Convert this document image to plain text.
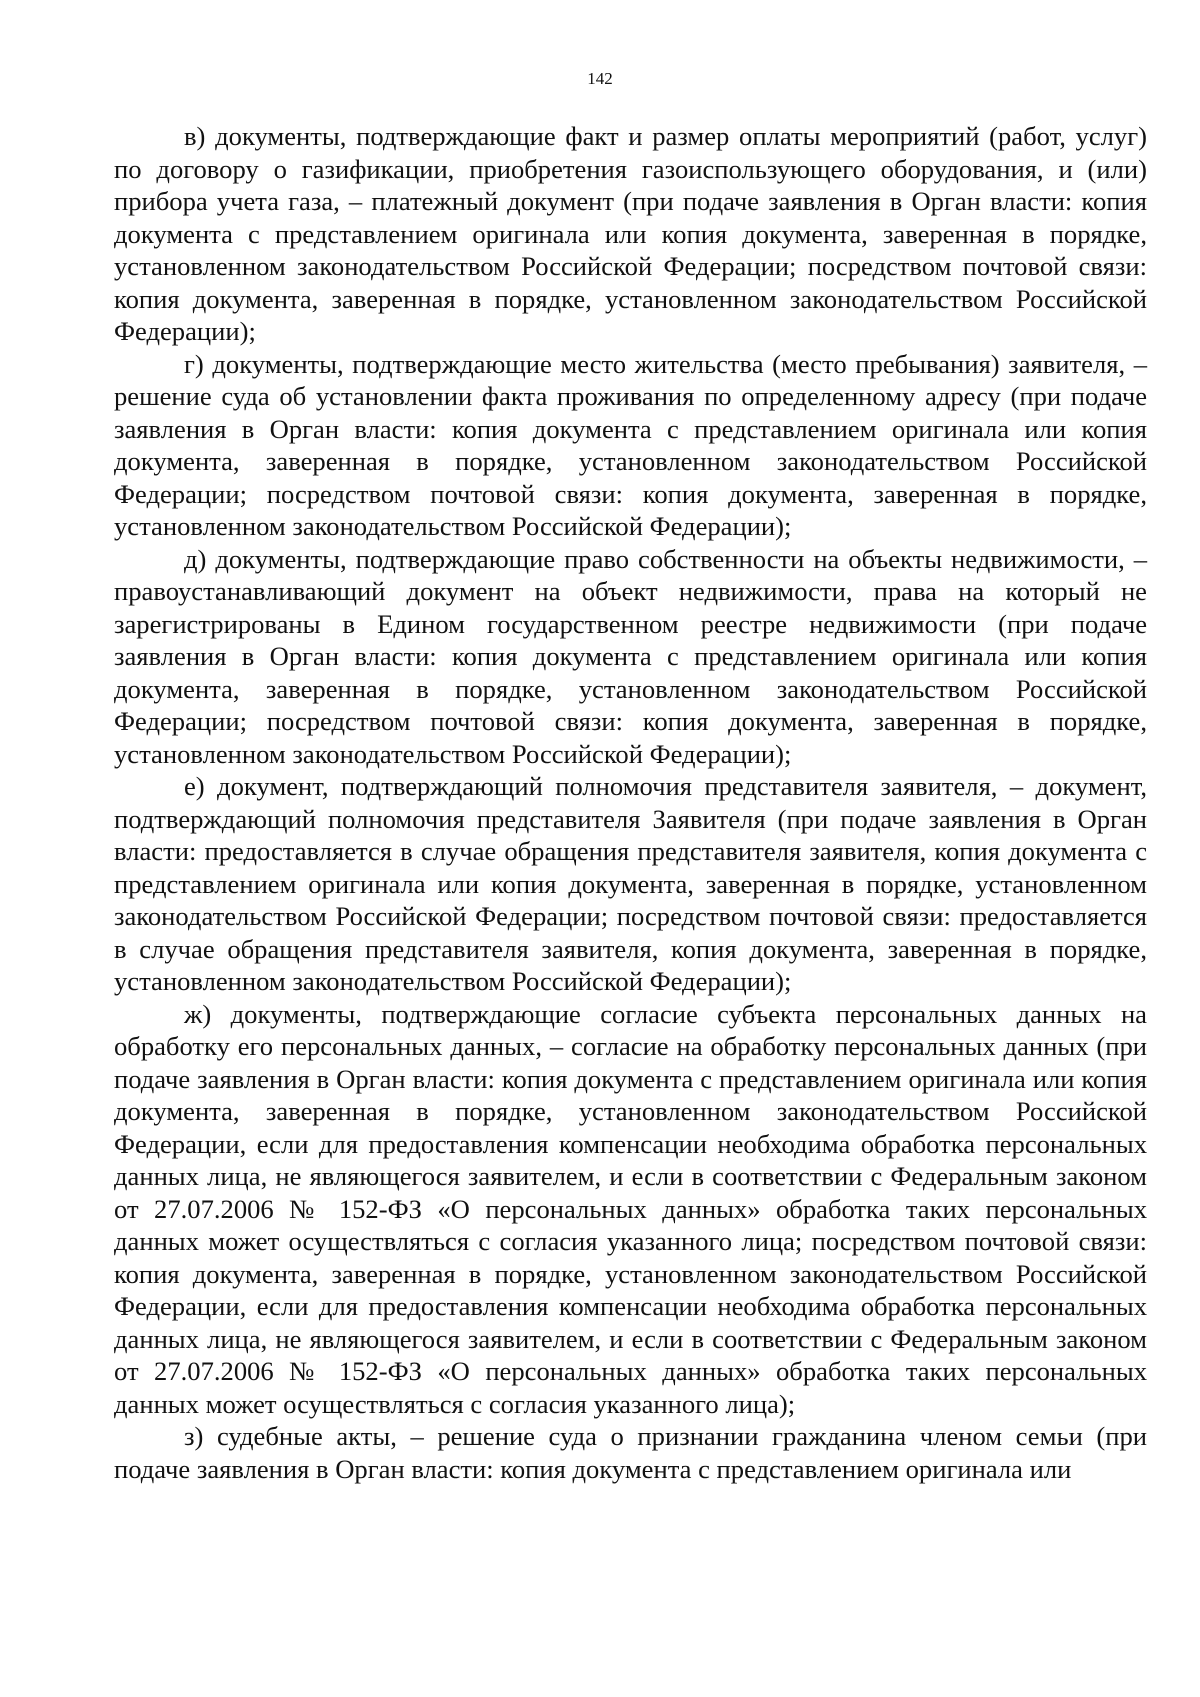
142

в) документы, подтверждающие факт и размер оплаты мероприятий (работ, услуг) по договору о газификации, приобретения газоиспользующего оборудования, и (или) прибора учета газа, – платежный документ (при подаче заявления в Орган власти: копия документа с представлением оригинала или копия документа, заверенная в порядке, установленном законодательством Российской Федерации; посредством почтовой связи: копия документа, заверенная в порядке, установленном законодательством Российской Федерации);

г) документы, подтверждающие место жительства (место пребывания) заявителя, – решение суда об установлении факта проживания по определенному адресу (при подаче заявления в Орган власти: копия документа с представлением оригинала или копия документа, заверенная в порядке, установленном законодательством Российской Федерации; посредством почтовой связи: копия документа, заверенная в порядке, установленном законодательством Российской Федерации);

д) документы, подтверждающие право собственности на объекты недвижимости, – правоустанавливающий документ на объект недвижимости, права на который не зарегистрированы в Едином государственном реестре недвижимости (при подаче заявления в Орган власти: копия документа с представлением оригинала или копия документа, заверенная в порядке, установленном законодательством Российской Федерации; посредством почтовой связи: копия документа, заверенная в порядке, установленном законодательством Российской Федерации);

е) документ, подтверждающий полномочия представителя заявителя, – документ, подтверждающий полномочия представителя Заявителя (при подаче заявления в Орган власти: предоставляется в случае обращения представителя заявителя, копия документа с представлением оригинала или копия документа, заверенная в порядке, установленном законодательством Российской Федерации; посредством почтовой связи: предоставляется в случае обращения представителя заявителя, копия документа, заверенная в порядке, установленном законодательством Российской Федерации);

ж) документы, подтверждающие согласие субъекта персональных данных на обработку его персональных данных, – согласие на обработку персональных данных (при подаче заявления в Орган власти: копия документа с представлением оригинала или копия документа, заверенная в порядке, установленном законодательством Российской Федерации, если для предоставления компенсации необходима обработка персональных данных лица, не являющегося заявителем, и если в соответствии с Федеральным законом от 27.07.2006 № 152-ФЗ «О персональных данных» обработка таких персональных данных может осуществляться с согласия указанного лица; посредством почтовой связи: копия документа, заверенная в порядке, установленном законодательством Российской Федерации, если для предоставления компенсации необходима обработка персональных данных лица, не являющегося заявителем, и если в соответствии с Федеральным законом от 27.07.2006 № 152-ФЗ «О персональных данных» обработка таких персональных данных может осуществляться с согласия указанного лица);

з) судебные акты, – решение суда о признании гражданина членом семьи (при подаче заявления в Орган власти: копия документа с представлением оригинала или
